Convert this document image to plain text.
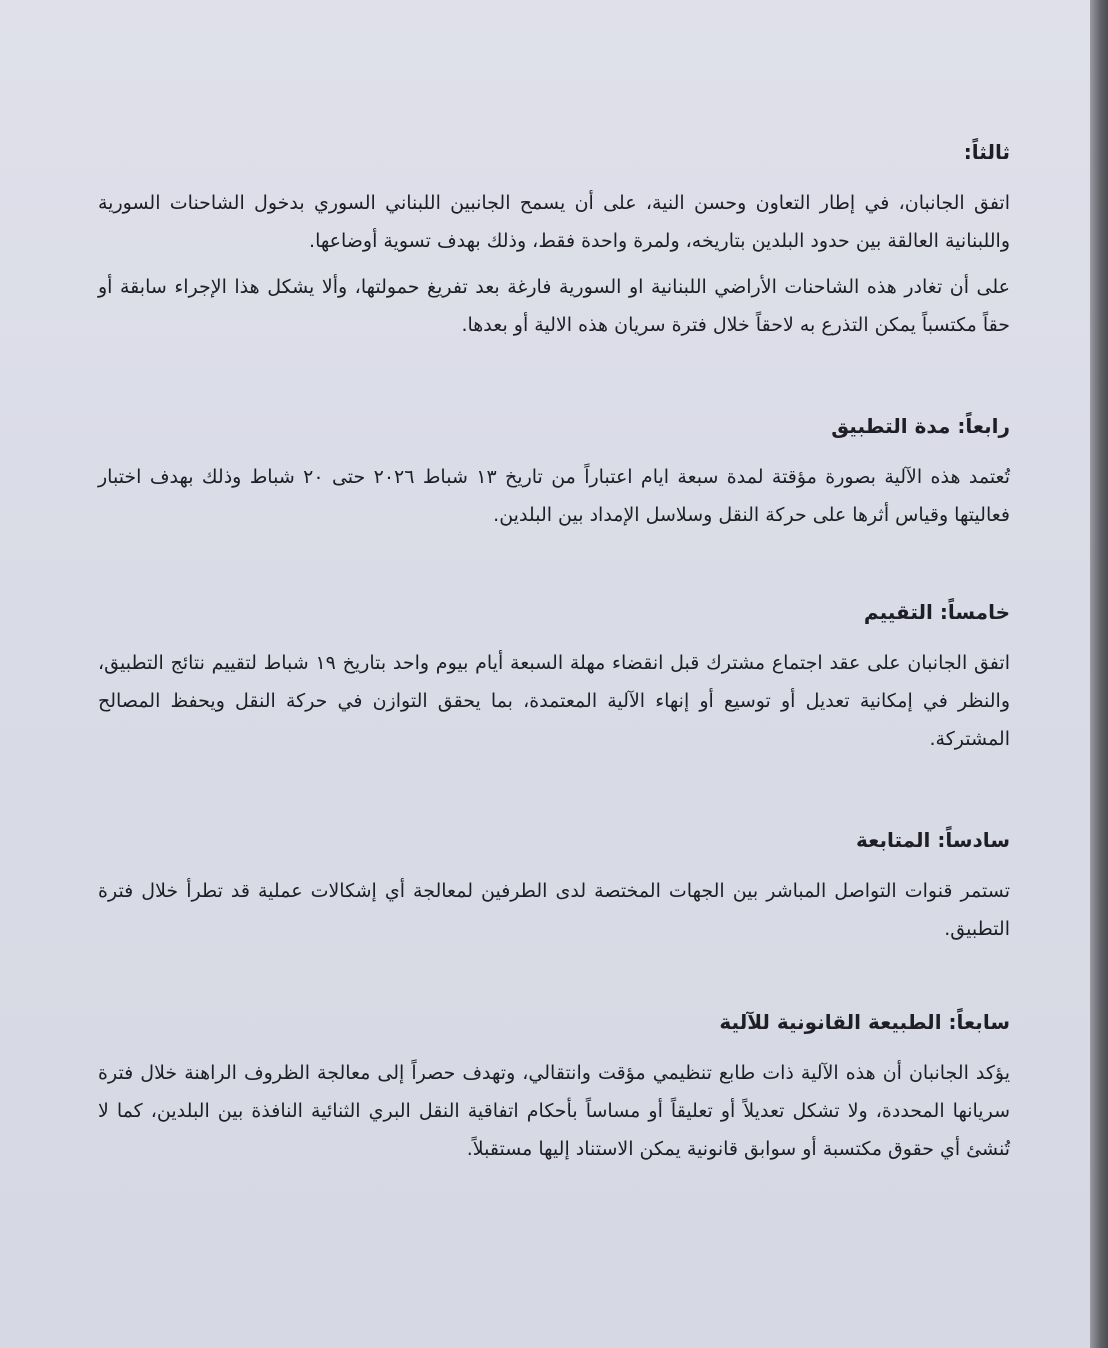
ثالثاً:

اتفق الجانبان، في إطار التعاون وحسن النية، على أن يسمح الجانبين اللبناني السوري بدخول الشاحنات السورية واللبنانية العالقة بين حدود البلدين بتاريخه، ولمرة واحدة فقط، وذلك بهدف تسوية أوضاعها.

على أن تغادر هذه الشاحنات الأراضي اللبنانية او السورية فارغة بعد تفريغ حمولتها، وألا يشكل هذا الإجراء سابقة أو حقاً مكتسباً يمكن التذرع به لاحقاً خلال فترة سريان هذه الالية أو بعدها.

رابعاً: مدة التطبيق

تُعتمد هذه الآلية بصورة مؤقتة لمدة سبعة ايام اعتباراً من تاريخ ١٣ شباط ٢٠٢٦ حتى ٢٠ شباط وذلك بهدف اختبار فعاليتها وقياس أثرها على حركة النقل وسلاسل الإمداد بين البلدين.

خامساً: التقييم

اتفق الجانبان على عقد اجتماع مشترك قبل انقضاء مهلة السبعة أيام بيوم واحد بتاريخ ١٩ شباط لتقييم نتائج التطبيق، والنظر في إمكانية تعديل أو توسيع أو إنهاء الآلية المعتمدة، بما يحقق التوازن في حركة النقل ويحفظ المصالح المشتركة.

سادساً: المتابعة

تستمر قنوات التواصل المباشر بين الجهات المختصة لدى الطرفين لمعالجة أي إشكالات عملية قد تطرأ خلال فترة التطبيق.

سابعاً: الطبيعة القانونية للآلية

يؤكد الجانبان أن هذه الآلية ذات طابع تنظيمي مؤقت وانتقالي، وتهدف حصراً إلى معالجة الظروف الراهنة خلال فترة سريانها المحددة، ولا تشكل تعديلاً أو تعليقاً أو مساساً بأحكام اتفاقية النقل البري الثنائية النافذة بين البلدين، كما لا تُنشئ أي حقوق مكتسبة أو سوابق قانونية يمكن الاستناد إليها مستقبلاً.
